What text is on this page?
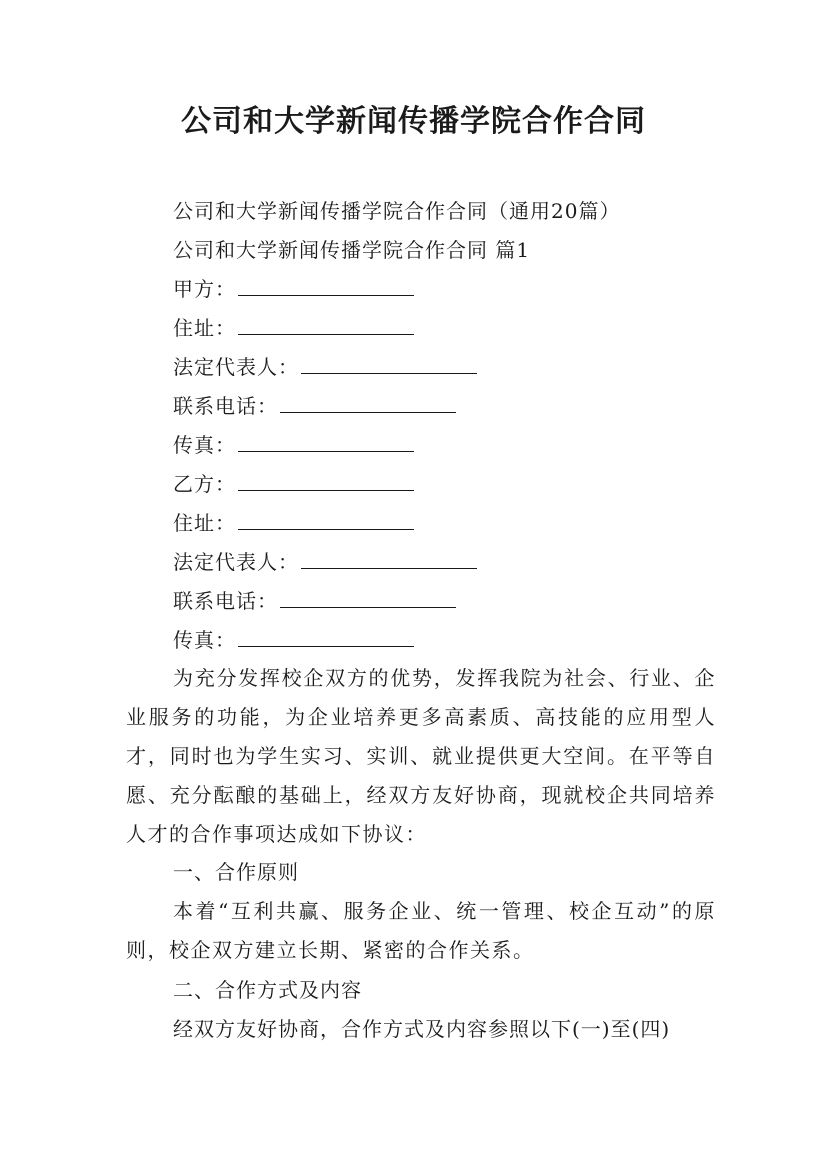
公司和大学新闻传播学院合作合同
公司和大学新闻传播学院合作合同（通用20篇）
公司和大学新闻传播学院合作合同 篇1
甲方：
住址：
法定代表人：
联系电话：
传真：
乙方：
住址：
法定代表人：
联系电话：
传真：

为充分发挥校企双方的优势，发挥我院为社会、行业、企业服务的功能，为企业培养更多高素质、高技能的应用型人才，同时也为学生实习、实训、就业提供更大空间。在平等自愿、充分酝酿的基础上，经双方友好协商，现就校企共同培养人才的合作事项达成如下协议：

一、合作原则

本着“互利共赢、服务企业、统一管理、校企互动”的原则，校企双方建立长期、紧密的合作关系。

二、合作方式及内容
经双方友好协商，合作方式及内容参照以下(一)至(四)
